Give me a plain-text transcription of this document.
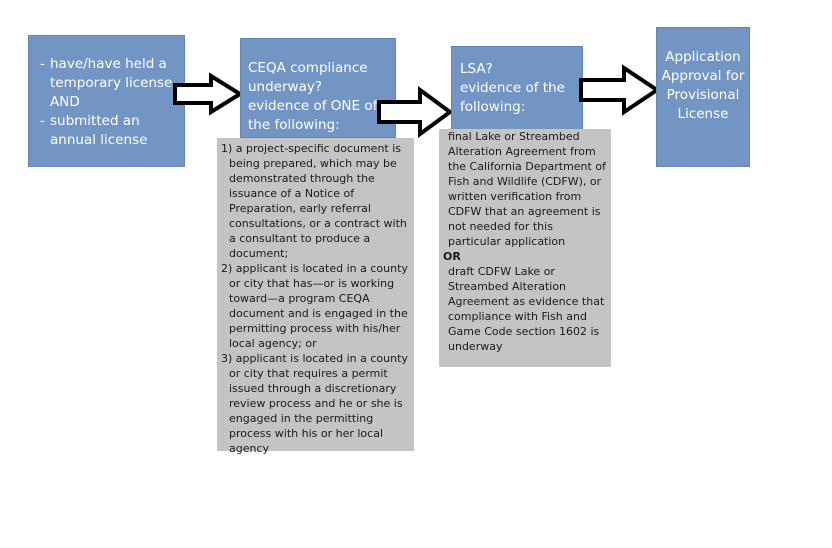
- have/have held a temporary license AND
- submitted an annual license
CEQA compliance underway?
evidence of ONE of the following:
1) a project-specific document is being prepared, which may be demonstrated through the issuance of a Notice of Preparation, early referral consultations, or a contract with a consultant to produce a document;
2) applicant is located in a county or city that has—or is working toward—a program CEQA document and is engaged in the permitting process with his/her local agency; or
3) applicant is located in a county or city that requires a permit issued through a discretionary review process and he or she is engaged in the permitting process with his or her local agency
LSA?
evidence of the following:
final Lake or Streambed Alteration Agreement from the California Department of Fish and Wildlife (CDFW), or written verification from CDFW that an agreement is not needed for this particular application
OR
draft CDFW Lake or Streambed Alteration Agreement as evidence that compliance with Fish and Game Code section 1602 is underway
Application Approval for Provisional License
